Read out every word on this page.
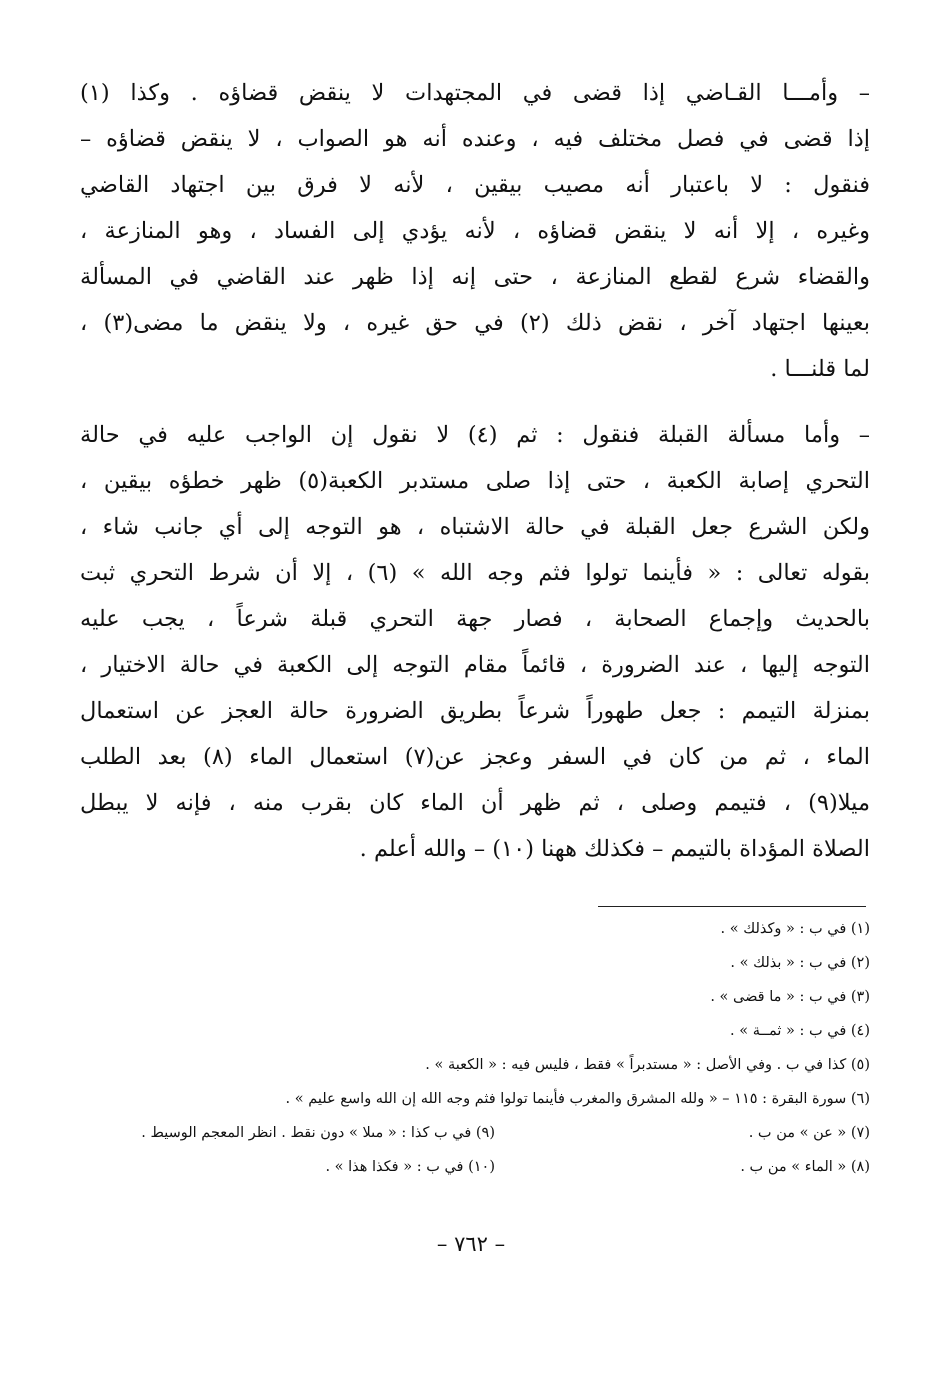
– وأمـــا القـاضي إذا قضى في المجتهدات لا ينقض قضاؤه . وكذا (١)
إذا قضى في فصل مختلف فيه ، وعنده أنه هو الصواب ، لا ينقض قضاؤه –
فنقول : لا باعتبار أنه مصيب بيقين ، لأنه لا فرق بين اجتهاد القاضي
وغيره ، إلا أنه لا ينقض قضاؤه ، لأنه يؤدي إلى الفساد ، وهو المنازعة ،
والقضاء شرع لقطع المنازعة ، حتى إنه إذا ظهر عند القاضي في المسألة
بعينها اجتهاد آخر ، نقض ذلك (٢) في حق غيره ، ولا ينقض ما مضى(٣) ،
لما قلنـــا .
– وأما مسألة القبلة فنقول : ثم (٤) لا نقول إن الواجب عليه في حالة
التحري إصابة الكعبة ، حتى إذا صلى مستدبر الكعبة(٥) ظهر خطؤه بيقين ،
ولكن الشرع جعل القبلة في حالة الاشتباه ، هو التوجه إلى أي جانب شاء ،
بقوله تعالى : « فأينما تولوا فثم وجه الله » (٦) ، إلا أن شرط التحري ثبت
بالحديث وإجماع الصحابة ، فصار جهة التحري قبلة شرعاً ، يجب عليه
التوجه إليها ، عند الضرورة ، قائماً مقام التوجه إلى الكعبة في حالة الاختيار ،
بمنزلة التيمم : جعل طهوراً شرعاً بطريق الضرورة حالة العجز عن استعمال
الماء ، ثم من كان في السفر وعجز عن(٧) استعمال الماء (٨) بعد الطلب
ميلا(٩) ، فتيمم وصلى ، ثم ظهر أن الماء كان بقرب منه ، فإنه لا يبطل
الصلاة المؤداة بالتيمم – فكذلك ههنا (١٠) – والله أعلم .
(١) في ب : « وكذلك » .
(٢) في ب : « بذلك » .
(٣) في ب : « ما قضى » .
(٤) في ب : « ثمــة » .
(٥) كذا في ب . وفي الأصل : « مستدبراً » فقط ، فليس فيه : « الكعبة » .
(٦) سورة البقرة : ١١٥ – « ولله المشرق والمغرب فأينما تولوا فثم وجه الله إن الله واسع عليم » .
(٧) « عن » من ب .
(٩) في ب كذا : « مىلا » دون نقط . انظر المعجم الوسيط .
(٨) « الماء » من ب .
(١٠) في ب : « فكذا هذا » .
– ٧٦٢ –
